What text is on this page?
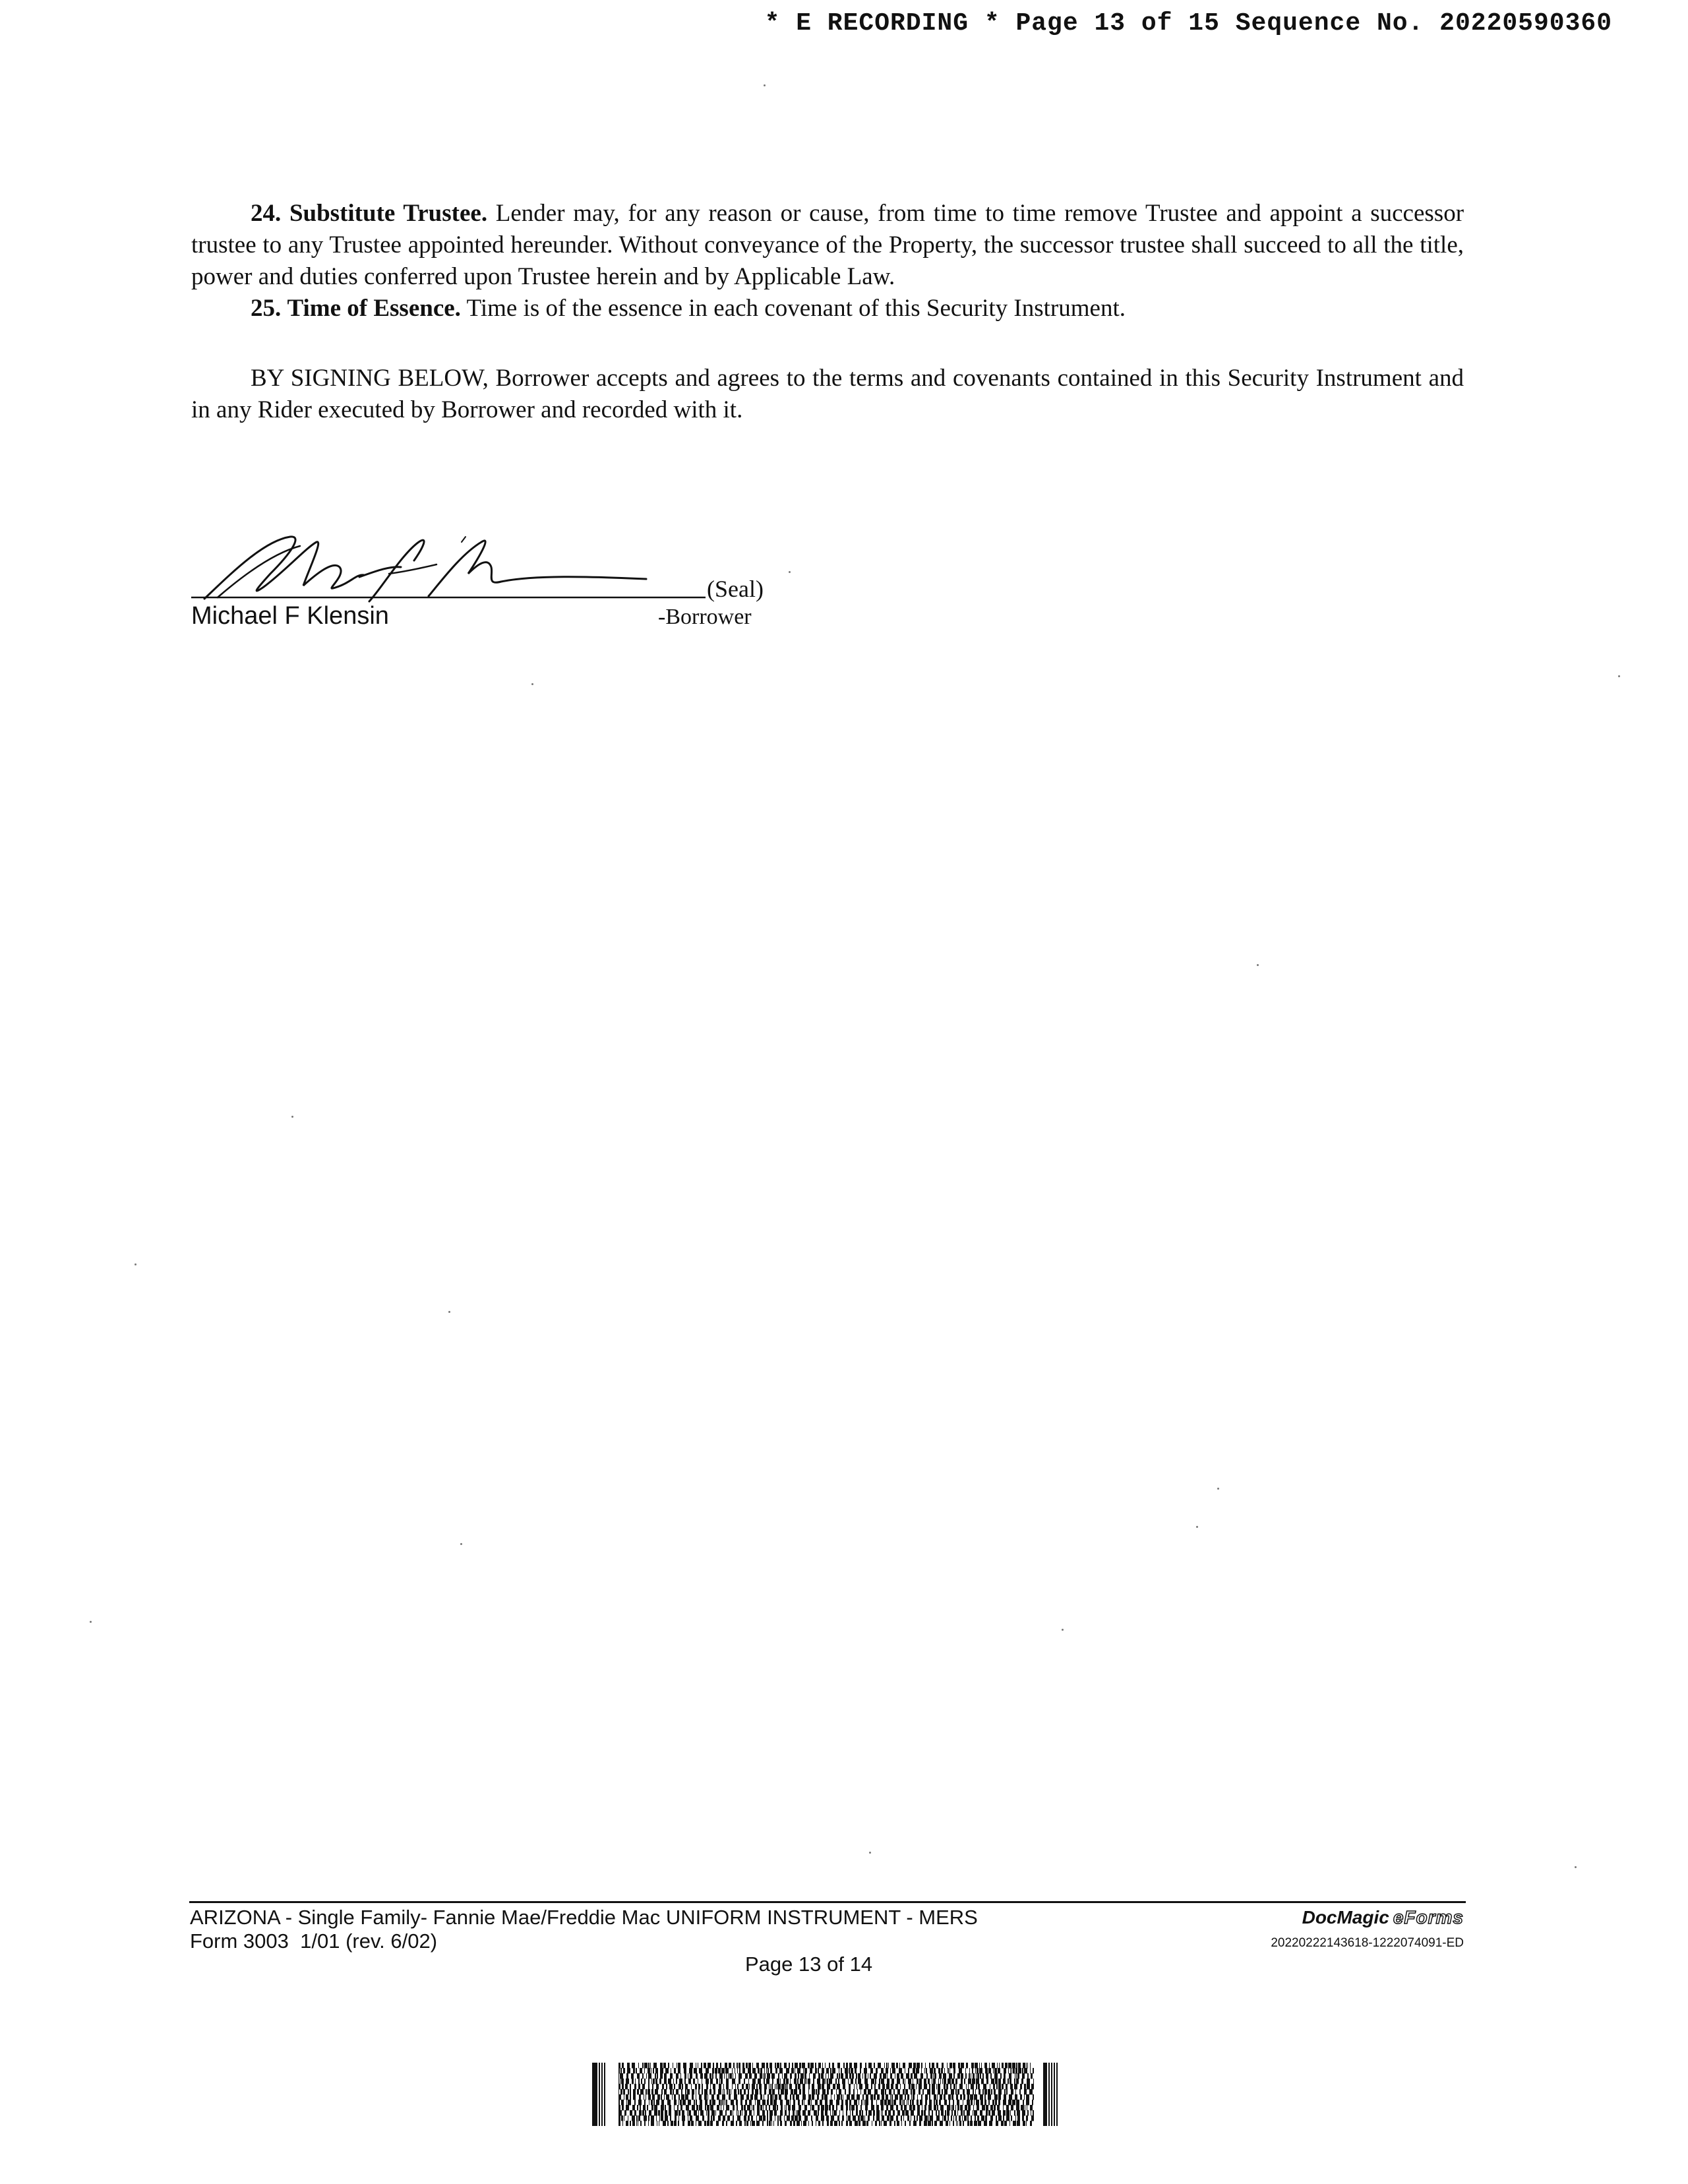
* E RECORDING * Page 13 of 15 Sequence No. 20220590360

24. Substitute Trustee. Lender may, for any reason or cause, from time to time remove Trustee and appoint a successor trustee to any Trustee appointed hereunder. Without conveyance of the Property, the successor trustee shall succeed to all the title, power and duties conferred upon Trustee herein and by Applicable Law.

25. Time of Essence. Time is of the essence in each covenant of this Security Instrument.

BY SIGNING BELOW, Borrower accepts and agrees to the terms and covenants contained in this Security Instrument and in any Rider executed by Borrower and recorded with it.

(Seal)
Michael F Klensin	-Borrower
ARIZONA - Single Family- Fannie Mae/Freddie Mac UNIFORM INSTRUMENT - MERS
Form 3003  1/01 (rev. 6/02)
Page 13 of 14
DocMagic eForms
20220222143618-1222074091-ED
